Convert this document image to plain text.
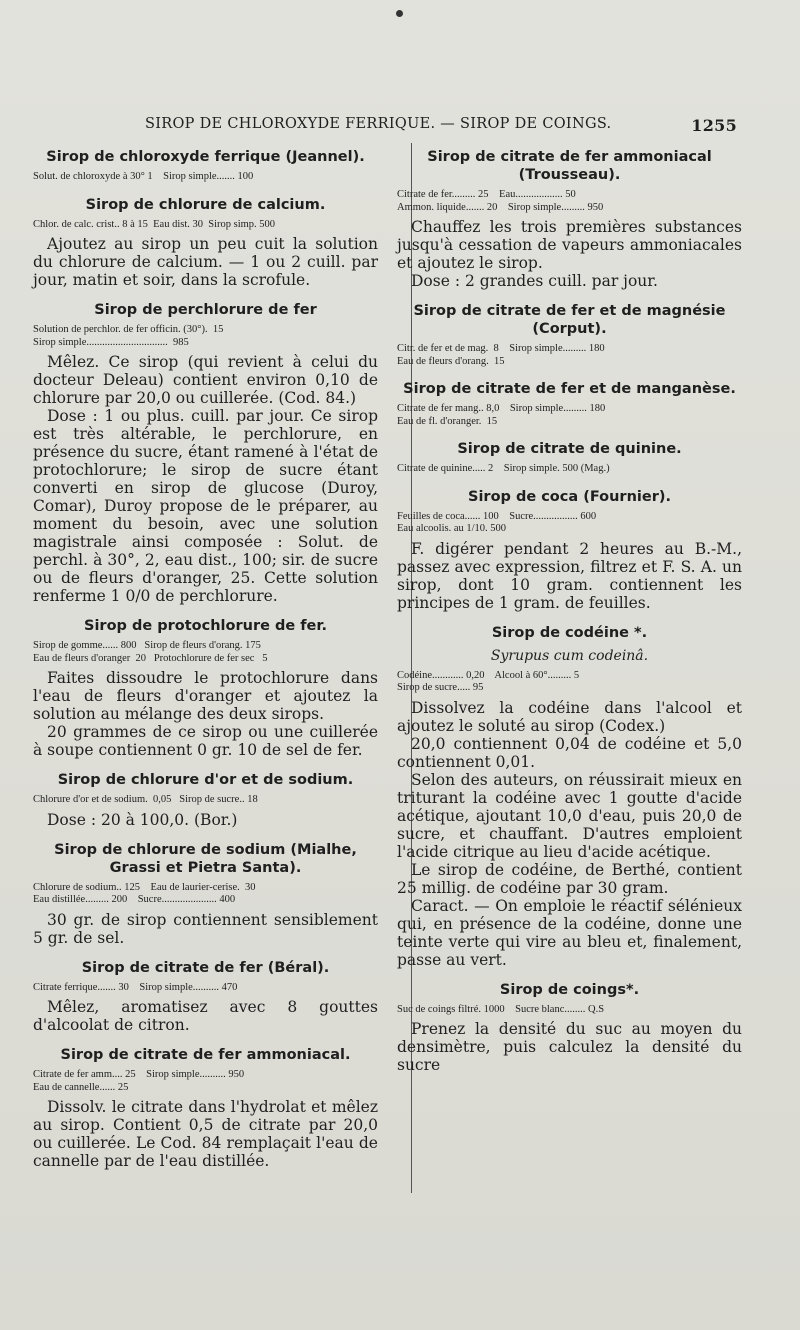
SIROP DE CHLOROXYDE FERRIQUE. — SIROP DE COINGS.	1255
Sirop de chloroxyde ferrique (Jeannel).
Solut. de chloroxyde à 30° 1    Sirop simple....... 100
Sirop de chlorure de calcium.
Chlor. de calc. crist.. 8 à 15  Eau dist. 30  Sirop simp. 500

Ajoutez au sirop un peu cuit la solution du chlorure de calcium. — 1 ou 2 cuill. par jour, matin et soir, dans la scrofule.

Sirop de perchlorure de fer
Solution de perchlor. de fer officin. (30°).  15
Sirop simple...............................  985

Mêlez. Ce sirop (qui revient à celui du docteur Deleau) contient environ 0,10 de chlorure par 20,0 ou cuillerée. (Cod. 84.)

Dose : 1 ou plus. cuill. par jour. Ce sirop est très altérable, le perchlorure, en présence du sucre, étant ramené à l'état de protochlorure; le sirop de sucre étant converti en sirop de glucose (Duroy, Comar), Duroy propose de le préparer, au moment du besoin, avec une solution magistrale ainsi composée : Solut. de perchl. à 30°, 2, eau dist., 100; sir. de sucre ou de fleurs d'oranger, 25. Cette solution renferme 1 0/0 de perchlorure.

Sirop de protochlorure de fer.
Sirop de gomme...... 800   Sirop de fleurs d'orang. 175
Eau de fleurs d'oranger  20   Protochlorure de fer sec   5

Faites dissoudre le protochlorure dans l'eau de fleurs d'oranger et ajoutez la solution au mélange des deux sirops.

20 grammes de ce sirop ou une cuillerée à soupe contiennent 0 gr. 10 de sel de fer.

Sirop de chlorure d'or et de sodium.
Chlorure d'or et de sodium.  0,05   Sirop de sucre.. 18

Dose : 20 à 100,0. (Bor.)

Sirop de chlorure de sodium (Mialhe, Grassi et Pietra Santa).
Chlorure de sodium.. 125    Eau de laurier-cerise.  30
Eau distillée......... 200    Sucre..................... 400

30 gr. de sirop contiennent sensiblement 5 gr. de sel.

Sirop de citrate de fer (Béral).
Citrate ferrique....... 30    Sirop simple.......... 470

Mêlez, aromatisez avec 8 gouttes d'alcoolat de citron.

Sirop de citrate de fer ammoniacal.
Citrate de fer amm.... 25    Sirop simple.......... 950
Eau de cannelle...... 25

Dissolv. le citrate dans l'hydrolat et mêlez au sirop. Contient 0,5 de citrate par 20,0 ou cuillerée. Le Cod. 84 remplaçait l'eau de cannelle par de l'eau distillée.

Sirop de citrate de fer ammoniacal (Trousseau).
Citrate de fer......... 25    Eau.................. 50
Ammon. liquide....... 20    Sirop simple......... 950

Chauffez les trois premières substances jusqu'à cessation de vapeurs ammoniacales et ajoutez le sirop.

Dose : 2 grandes cuill. par jour.

Sirop de citrate de fer et de magnésie (Corput).
Citr. de fer et de mag.  8    Sirop simple......... 180
Eau de fleurs d'orang.  15
Sirop de citrate de fer et de manganèse.
Citrate de fer mang.. 8,0    Sirop simple......... 180
Eau de fl. d'oranger.  15
Sirop de citrate de quinine.
Citrate de quinine..... 2    Sirop simple. 500 (Mag.)
Sirop de coca (Fournier).
Feuilles de coca...... 100    Sucre................. 600
Eau alcoolis. au 1/10. 500

F. digérer pendant 2 heures au B.-M., passez avec expression, filtrez et F. S. A. un sirop, dont 10 gram. contiennent les principes de 1 gram. de feuilles.

Sirop de codéine *.
Syrupus cum codeinâ.
Codéine............ 0,20    Alcool à 60°......... 5
Sirop de sucre..... 95

Dissolvez la codéine dans l'alcool et ajoutez le soluté au sirop (Codex.)

20,0 contiennent 0,04 de codéine et 5,0 contiennent 0,01.

Selon des auteurs, on réussirait mieux en triturant la codéine avec 1 goutte d'acide acétique, ajoutant 10,0 d'eau, puis 20,0 de sucre, et chauffant. D'autres emploient l'acide citrique au lieu d'acide acétique.

Le sirop de codéine, de Berthé, contient 25 millig. de codéine par 30 gram.

Caract. — On emploie le réactif sélénieux qui, en présence de la codéine, donne une teinte verte qui vire au bleu et, finalement, passe au vert.

Sirop de coings*.
Suc de coings filtré. 1000    Sucre blanc........ Q.S

Prenez la densité du suc au moyen du densimètre, puis calculez la densité du sucre
